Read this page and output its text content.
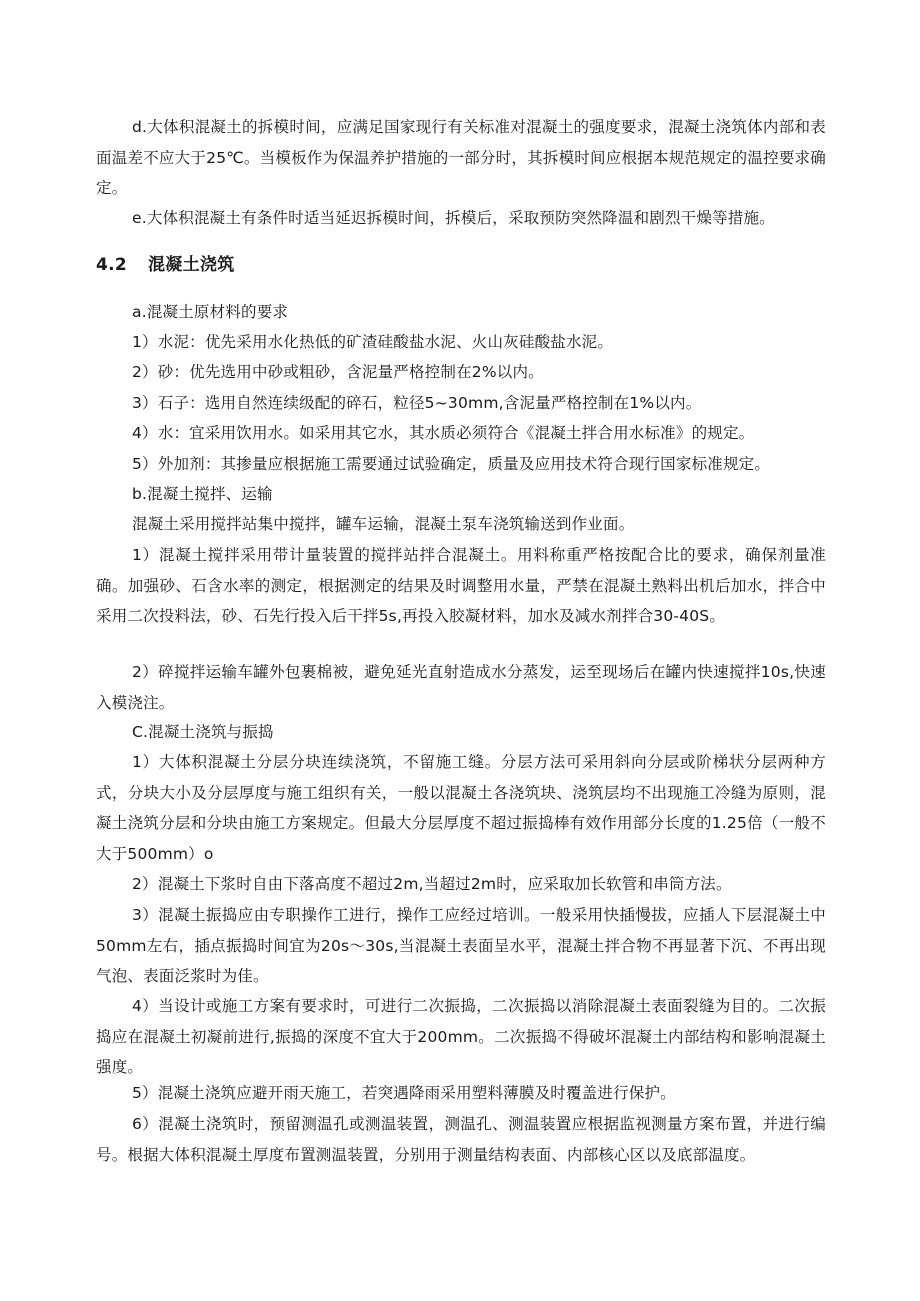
d.大体积混凝土的拆模时间，应满足国家现行有关标准对混凝土的强度要求，混凝土浇筑体内部和表面温差不应大于25℃。当模板作为保温养护措施的一部分时，其拆模时间应根据本规范规定的温控要求确定。

e.大体积混凝土有条件时适当延迟拆模时间，拆模后，采取预防突然降温和剧烈干燥等措施。

4.2 混凝土浇筑

a.混凝土原材料的要求

1）水泥：优先采用水化热低的矿渣硅酸盐水泥、火山灰硅酸盐水泥。

2）砂：优先选用中砂或粗砂，含泥量严格控制在2%以内。

3）石子：选用自然连续级配的碎石，粒径5~30mm,含泥量严格控制在1%以内。

4）水：宜采用饮用水。如采用其它水，其水质必须符合《混凝土拌合用水标准》的规定。

5）外加剂：其掺量应根据施工需要通过试验确定，质量及应用技术符合现行国家标准规定。

b.混凝土搅拌、运输

混凝土采用搅拌站集中搅拌，罐车运输，混凝土泵车浇筑输送到作业面。

1）混凝土搅拌采用带计量装置的搅拌站拌合混凝土。用料称重严格按配合比的要求，确保剂量准确。加强砂、石含水率的测定，根据测定的结果及时调整用水量，严禁在混凝土熟料出机后加水，拌合中采用二次投料法，砂、石先行投入后干拌5s,再投入胶凝材料，加水及减水剂拌合30-40S。

2）碎搅拌运输车罐外包裹棉被，避免延光直射造成水分蒸发，运至现场后在罐内快速搅拌10s,快速入模浇注。

C.混凝土浇筑与振捣

1）大体积混凝土分层分块连续浇筑，不留施工缝。分层方法可采用斜向分层或阶梯状分层两种方式，分块大小及分层厚度与施工组织有关，一般以混凝土各浇筑块、浇筑层均不出现施工冷缝为原则，混凝土浇筑分层和分块由施工方案规定。但最大分层厚度不超过振捣棒有效作用部分长度的1.25倍（一般不大于500mm）o

2）混凝土下浆时自由下落高度不超过2m,当超过2m时，应采取加长软管和串筒方法。

3）混凝土振捣应由专职操作工进行，操作工应经过培训。一般采用快插慢拔，应插人下层混凝土中50mm左右，插点振捣时间宜为20s～30s,当混凝土表面呈水平，混凝土拌合物不再显著下沉、不再出现气泡、表面泛浆时为佳。

4）当设计或施工方案有要求时，可进行二次振捣，二次振捣以消除混凝土表面裂缝为目的。二次振捣应在混凝土初凝前进行,振捣的深度不宜大于200mm。二次振捣不得破坏混凝土内部结构和影响混凝土强度。

5）混凝土浇筑应避开雨天施工，若突遇降雨采用塑料薄膜及时覆盖进行保护。

6）混凝土浇筑时，预留测温孔或测温装置，测温孔、测温装置应根据监视测量方案布置，并进行编号。根据大体积混凝土厚度布置测温装置，分别用于测量结构表面、内部核心区以及底部温度。
